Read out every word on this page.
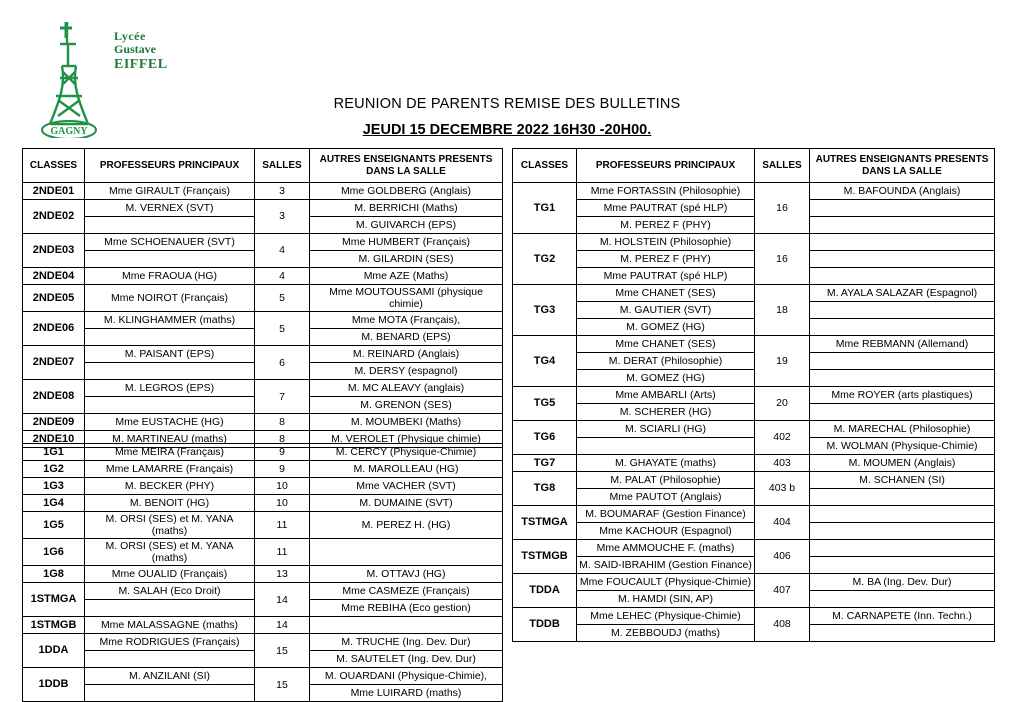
GAGNY
Lycée
Gustave
EIFFEL
REUNION DE PARENTS REMISE DES BULLETINS
JEUDI 15 DECEMBRE 2022 16H30 -20H00.
CLASSES	PROFESSEURS PRINCIPAUX	SALLES	AUTRES ENSEIGNANTS PRESENTS DANS LA SALLE
2NDE01	Mme GIRAULT (Français)	3	Mme GOLDBERG (Anglais)
2NDE02	M. VERNEX (SVT)	3	M. BERRICHI (Maths)
			M. GUIVARCH (EPS)
2NDE03	Mme SCHOENAUER (SVT)	4	Mme HUMBERT (Français)
			M. GILARDIN (SES)
2NDE04	Mme FRAOUA (HG)	4	Mme AZE (Maths)
2NDE05	Mme NOIROT (Français)	5	Mme MOUTOUSSAMI (physique chimie)
2NDE06	M. KLINGHAMMER (maths)	5	Mme MOTA (Français),
			M. BENARD (EPS)
2NDE07	M. PAISANT (EPS)	6	M. REINARD (Anglais)
			M. DERSY (espagnol)
2NDE08	M. LEGROS (EPS)	7	M. MC ALEAVY (anglais)
			M. GRENON (SES)
2NDE09	Mme EUSTACHE (HG)	8	M. MOUMBEKI (Maths)
2NDE10	M. MARTINEAU (maths)	8	M. VEROLET (Physique chimie)
1G1	Mme MEIRA (Français)	9	M. CERCY (Physique-Chimie)
1G2	Mme LAMARRE (Français)	9	M. MAROLLEAU (HG)
1G3	M. BECKER (PHY)	10	Mme VACHER (SVT)
1G4	M. BENOIT (HG)	10	M. DUMAINE (SVT)
1G5	M. ORSI (SES) et M. YANA (maths)	11	M. PEREZ H. (HG)
1G6	M. ORSI (SES) et M. YANA (maths)	11	
1G8	Mme OUALID (Français)	13	M. OTTAVJ (HG)
1STMGA	M. SALAH (Eco Droit)	14	Mme CASMEZE (Français)
			Mme REBIHA (Eco gestion)
1STMGB	Mme MALASSAGNE (maths)	14	
1DDA	Mme RODRIGUES (Français)	15	M. TRUCHE (Ing. Dev. Dur)
			M. SAUTELET (Ing. Dev. Dur)
1DDB	M. ANZILANI (SI)	15	M. OUARDANI (Physique-Chimie),
			Mme LUIRARD (maths)
CLASSES	PROFESSEURS PRINCIPAUX	SALLES	AUTRES ENSEIGNANTS PRESENTS DANS LA SALLE
TG1	Mme FORTASSIN (Philosophie)	16	M. BAFOUNDA (Anglais)
	Mme PAUTRAT (spé HLP)		
	M. PEREZ F (PHY)		
TG2	M. HOLSTEIN (Philosophie)	16	
	M. PEREZ F (PHY)		
	Mme PAUTRAT (spé HLP)		
TG3	Mme CHANET (SES)	18	M. AYALA SALAZAR (Espagnol)
	M. GAUTIER (SVT)		
	M. GOMEZ (HG)		
TG4	Mme CHANET (SES)	19	Mme REBMANN (Allemand)
	M. DERAT (Philosophie)		
	M. GOMEZ (HG)		
TG5	Mme AMBARLI (Arts)	20	Mme ROYER (arts plastiques)
	M. SCHERER (HG)		
TG6	M. SCIARLI (HG)	402	M. MARECHAL (Philosophie)
			M. WOLMAN (Physique-Chimie)
TG7	M. GHAYATE (maths)	403	M. MOUMEN (Anglais)
TG8	M. PALAT (Philosophie)	403 b	M. SCHANEN (SI)
	Mme PAUTOT (Anglais)		
TSTMGA	M. BOUMARAF (Gestion Finance)	404	
	Mme KACHOUR (Espagnol)		
TSTMGB	Mme AMMOUCHE F. (maths)	406	
	M. SAID-IBRAHIM (Gestion Finance)		
TDDA	Mme FOUCAULT (Physique-Chimie)	407	M. BA (Ing. Dev. Dur)
	M. HAMDI (SIN, AP)		
TDDB	Mme LEHEC (Physique-Chimie)	408	M. CARNAPETE (Inn. Techn.)
	M. ZEBBOUDJ (maths)		
